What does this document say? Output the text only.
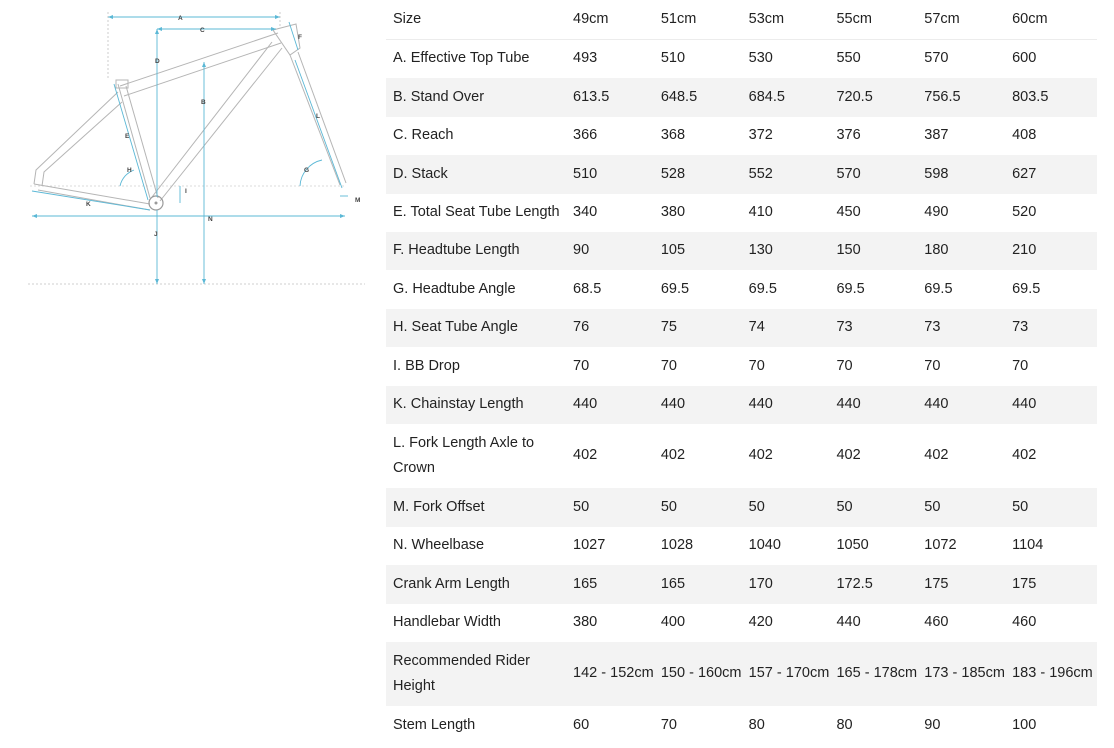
A
C
D
B
E
F
L
H	G
I
K
N
J
M
Size	49cm	51cm	53cm	55cm	57cm	60cm
A. Effective Top Tube	493	510	530	550	570	600
B. Stand Over	613.5	648.5	684.5	720.5	756.5	803.5
C. Reach	366	368	372	376	387	408
D. Stack	510	528	552	570	598	627
E. Total Seat Tube Length	340	380	410	450	490	520
F. Headtube Length	90	105	130	150	180	210
G. Headtube Angle	68.5	69.5	69.5	69.5	69.5	69.5
H. Seat Tube Angle	76	75	74	73	73	73
I. BB Drop	70	70	70	70	70	70
K. Chainstay Length	440	440	440	440	440	440
L. Fork Length Axle to Crown	402	402	402	402	402	402
M. Fork Offset	50	50	50	50	50	50
N. Wheelbase	1027	1028	1040	1050	1072	1104
Crank Arm Length	165	165	170	172.5	175	175
Handlebar Width	380	400	420	440	460	460
Recommended Rider Height	142 - 152cm	150 - 160cm	157 - 170cm	165 - 178cm	173 - 185cm	183 - 196cm
Stem Length	60	70	80	80	90	100
